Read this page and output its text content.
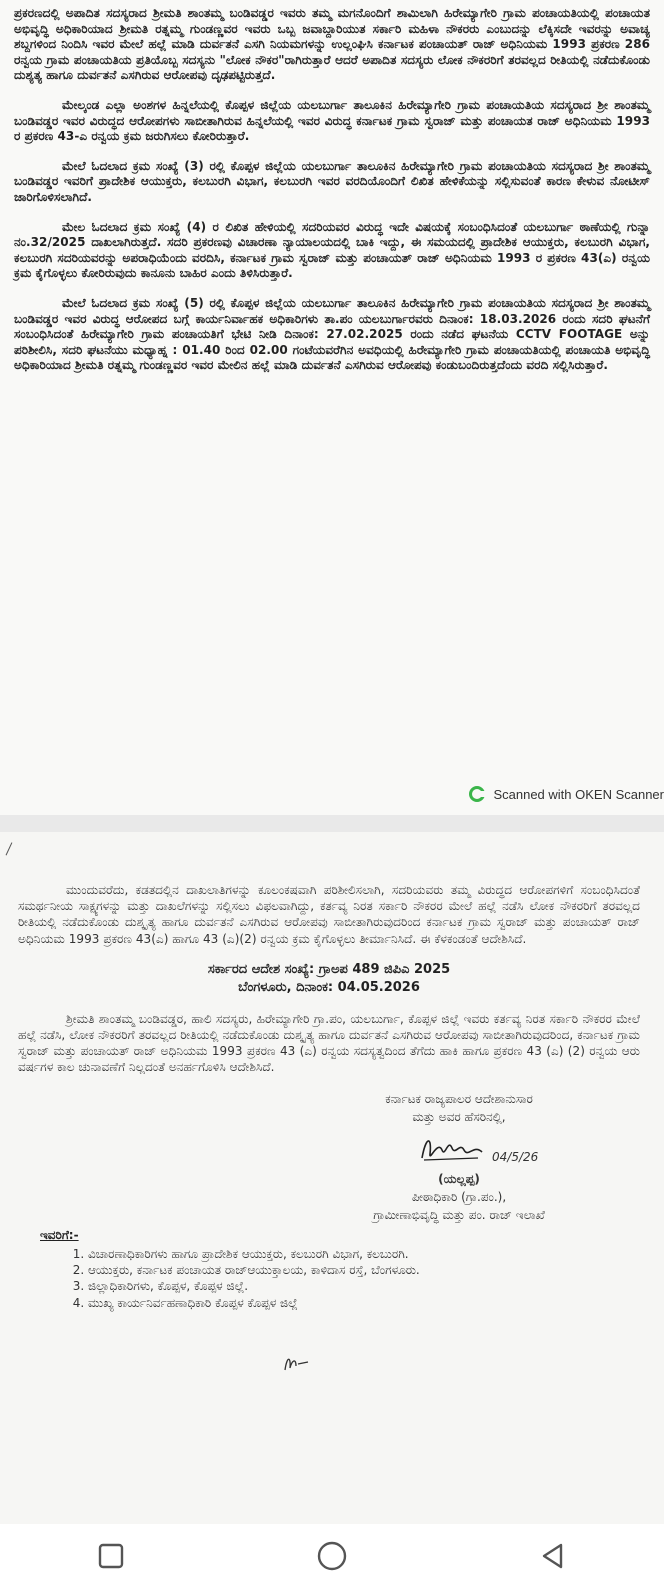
ಪ್ರಕರಣದಲ್ಲಿ ಅಪಾದಿತ ಸದಸ್ಯರಾದ ಶ್ರೀಮತಿ ಶಾಂತಮ್ಮ ಬಂಡಿವಡ್ಡರ ಇವರು ತಮ್ಮ ಮಗನೊಂದಿಗೆ ಶಾಮಿಲಾಗಿ ಹಿರೇಮ್ಯಾಗೇರಿ ಗ್ರಾಮ ಪಂಚಾಯತಿಯಲ್ಲಿ ಪಂಚಾಯತ ಅಭಿವೃದ್ಧಿ ಅಧಿಕಾರಿಯಾದ ಶ್ರೀಮತಿ ರತ್ನಮ್ಮ ಗುಂಡಣ್ಣವರ ಇವರು ಒಬ್ಬ ಜವಾಬ್ದಾರಿಯುತ ಸರ್ಕಾರಿ ಮಹಿಳಾ ನೌಕರರು ಎಂಬುದನ್ನು ಲೆಕ್ಕಿಸದೇ ಇವರನ್ನು ಅವಾಚ್ಯ ಶಬ್ದಗಳಿಂದ ನಿಂದಿಸಿ ಇವರ ಮೇಲೆ ಹಲ್ಲೆ ಮಾಡಿ ದುರ್ವತನೆ ಎಸಗಿ ನಿಯಮಗಳನ್ನು ಉಲ್ಲಂಘಿಸಿ ಕರ್ನಾಟಕ ಪಂಚಾಯತ್ ರಾಜ್ ಅಧಿನಿಯಮ 1993 ಪ್ರಕರಣ 286 ರನ್ವಯ ಗ್ರಾಮ ಪಂಚಾಯತಿಯ ಪ್ರತಿಯೊಬ್ಬ ಸದಸ್ಯನು "ಲೋಕ ನೌಕರ"ರಾಗಿರುತ್ತಾರೆ ಆದರೆ ಅಪಾದಿತ ಸದಸ್ಯರು ಲೋಕ ನೌಕರರಿಗೆ ತರವಲ್ಲದ ರೀತಿಯಲ್ಲಿ ನಡೆದುಕೊಂಡು ದುಶ್ಯತ್ಯ ಹಾಗೂ ದುರ್ವತನೆ ಎಸಗಿರುವ ಆರೋಪವು ದೃಢಪಟ್ಟಿರುತ್ತದೆ.

ಮೇಲ್ಕಂಡ ಎಲ್ಲಾ ಅಂಶಗಳ ಹಿನ್ನಲೆಯಲ್ಲಿ ಕೊಪ್ಪಳ ಜಿಲ್ಲೆಯ ಯಲಬುರ್ಗಾ ತಾಲೂಕಿನ ಹಿರೇಮ್ಯಾಗೇರಿ ಗ್ರಾಮ ಪಂಚಾಯತಿಯ ಸದಸ್ಯರಾದ ಶ್ರೀ ಶಾಂತಮ್ಮ ಬಂಡಿವಡ್ಡರ ಇವರ ವಿರುದ್ಧದ ಆರೋಪಗಳು ಸಾಬೀತಾಗಿರುವ ಹಿನ್ನಲೆಯಲ್ಲಿ ಇವರ ವಿರುದ್ಧ ಕರ್ನಾಟಕ ಗ್ರಾಮ ಸ್ವರಾಜ್ ಮತ್ತು ಪಂಚಾಯತ ರಾಜ್ ಅಧಿನಿಯಮ 1993 ರ ಪ್ರಕರಣ 43-ಎ ರನ್ವಯ ಕ್ರಮ ಜರುಗಿಸಲು ಕೋರಿರುತ್ತಾರೆ.

ಮೇಲೆ ಓದಲಾದ ಕ್ರಮ ಸಂಖ್ಯೆ (3) ರಲ್ಲಿ ಕೊಪ್ಪಳ ಜಿಲ್ಲೆಯ ಯಲಬುರ್ಗಾ ತಾಲೂಕಿನ ಹಿರೇಮ್ಯಾಗೇರಿ ಗ್ರಾಮ ಪಂಚಾಯತಿಯ ಸದಸ್ಯರಾದ ಶ್ರೀ ಶಾಂತಮ್ಮ ಬಂಡಿವಡ್ಡರ ಇವರಿಗೆ ಪ್ರಾದೇಶಿಕ ಆಯುಕ್ತರು, ಕಲಬುರಗಿ ವಿಭಾಗ, ಕಲಬುರಗಿ ಇವರ ವರದಿಯೊಂದಿಗೆ ಲಿಖಿತ ಹೇಳಿಕೆಯನ್ನು ಸಲ್ಲಿಸುವಂತೆ ಕಾರಣ ಕೇಳುವ ನೋಟೀಸ್ ಜಾರಿಗೊಳಿಸಲಾಗಿದೆ.

ಮೇಲ ಓದಲಾದ ಕ್ರಮ ಸಂಖ್ಯೆ (4) ರ ಲಿಖಿತ ಹೇಳಿಯಲ್ಲಿ ಸದರಿಯವರ ವಿರುದ್ಧ ಇದೇ ವಿಷಯಕ್ಕೆ ಸಂಬಂಧಿಸಿದಂತೆ ಯಲಬುರ್ಗಾ ಠಾಣೆಯಲ್ಲಿ ಗುನ್ನಾ ನಂ.32/2025 ದಾಖಲಾಗಿರುತ್ತದೆ. ಸದರಿ ಪ್ರಕರಣವು ವಿಚಾರಣಾ ನ್ಯಾಯಾಲಯದಲ್ಲಿ ಬಾಕಿ ಇದ್ದು, ಈ ಸಮಯದಲ್ಲಿ ಪ್ರಾದೇಶಿಕ ಆಯುಕ್ತರು, ಕಲಬುರಗಿ ವಿಭಾಗ, ಕಲಬುರಗಿ ಸದರಿಯವರನ್ನು ಅಪರಾಧಿಯೆಂದು ವರದಿಸಿ, ಕರ್ನಾಟಕ ಗ್ರಾಮ ಸ್ವರಾಜ್ ಮತ್ತು ಪಂಚಾಯತ್ ರಾಜ್ ಅಧಿನಿಯಮ 1993 ರ ಪ್ರಕರಣ 43(ಎ) ರನ್ವಯ ಕ್ರಮ ಕೈಗೊಳ್ಳಲು ಕೋರಿರುವುದು ಕಾನೂನು ಬಾಹಿರ ಎಂದು ತಿಳಿಸಿರುತ್ತಾರೆ.

ಮೇಲೆ ಓದಲಾದ ಕ್ರಮ ಸಂಖ್ಯೆ (5) ರಲ್ಲಿ ಕೊಪ್ಪಳ ಜಿಲ್ಲೆಯ ಯಲಬುರ್ಗಾ ತಾಲೂಕಿನ ಹಿರೇಮ್ಯಾಗೇರಿ ಗ್ರಾಮ ಪಂಚಾಯತಿಯ ಸದಸ್ಯರಾದ ಶ್ರೀ ಶಾಂತಮ್ಮ ಬಂಡಿವಡ್ಡರ ಇವರ ವಿರುದ್ಧ ಆರೋಪದ ಬಗ್ಗೆ ಕಾರ್ಯನಿರ್ವಾಹಕ ಅಧಿಕಾರಿಗಳು ತಾ.ಪಂ ಯಲಬುರ್ಗಾರವರು ದಿನಾಂಕ: 18.03.2026 ರಂದು ಸದರಿ ಘಟನೆಗೆ ಸಂಬಂಧಿಸಿದಂತೆ ಹಿರೇಮ್ಯಾಗೇರಿ ಗ್ರಾಮ ಪಂಚಾಯತಿಗೆ ಭೇಟಿ ನೀಡಿ ದಿನಾಂಕ: 27.02.2025 ರಂದು ನಡೆದ ಘಟನೆಯ CCTV FOOTAGE ಅನ್ನು ಪರಿಶೀಲಿಸಿ, ಸದರಿ ಘಟನೆಯು ಮಧ್ಯಾಹ್ನ : 01.40 ರಿಂದ 02.00 ಗಂಟೆಯವರೆಗಿನ ಅವಧಿಯಲ್ಲಿ ಹಿರೇಮ್ಯಾಗೇರಿ ಗ್ರಾಮ ಪಂಚಾಯತಿಯಲ್ಲಿ ಪಂಚಾಯತಿ ಅಭಿವೃದ್ಧಿ ಅಧಿಕಾರಿಯಾದ ಶ್ರೀಮತಿ ರತ್ನಮ್ಮ ಗುಂಡಣ್ಣವರ ಇವರ ಮೇಲಿನ ಹಲ್ಲೆ ಮಾಡಿ ದುರ್ವತನೆ ಎಸಗಿರುವ ಆರೋಪವು ಕಂಡುಬಂದಿರುತ್ತದೆಂದು ವರದಿ ಸಲ್ಲಿಸಿರುತ್ತಾರೆ.

Scanned with OKEN Scanner

ಮುಂದುವರೆದು, ಕಡತದಲ್ಲಿನ ದಾಖಲಾತಿಗಳನ್ನು ಕೂಲಂಕಷವಾಗಿ ಪರಿಶೀಲಿಸಲಾಗಿ, ಸದರಿಯವರು ತಮ್ಮ ವಿರುದ್ಧದ ಆರೋಪಗಳಿಗೆ ಸಂಬಂಧಿಸಿದಂತೆ ಸಮರ್ಥನೀಯ ಸಾಕ್ಷ್ಯಗಳನ್ನು ಮತ್ತು ದಾಖಲೆಗಳನ್ನು ಸಲ್ಲಿಸಲು ವಿಫಲವಾಗಿದ್ದು, ಕರ್ತವ್ಯ ನಿರತ ಸರ್ಕಾರಿ ನೌಕರರ ಮೇಲೆ ಹಲ್ಲೆ ನಡೆಸಿ ಲೋಕ ನೌಕರರಿಗೆ ತರವಲ್ಲದ ರೀತಿಯಲ್ಲಿ ನಡೆದುಕೊಂಡು ದುಶ್ಕೃತ್ಯ ಹಾಗೂ ದುರ್ವತನೆ ಎಸಗಿರುವ ಆರೋಪವು ಸಾಬೀತಾಗಿರುವುದರಿಂದ ಕರ್ನಾಟಕ ಗ್ರಾಮ ಸ್ವರಾಜ್ ಮತ್ತು ಪಂಚಾಯತ್ ರಾಜ್ ಅಧಿನಿಯಮ 1993 ಪ್ರಕರಣ 43(ಎ) ಹಾಗೂ 43 (ಎ)(2) ರನ್ವಯ ಕ್ರಮ ಕೈಗೊಳ್ಳಲು ತೀರ್ಮಾನಿಸಿದೆ. ಈ ಕೆಳಕಂಡಂತೆ ಆದೇಶಿಸಿದೆ.

ಸರ್ಕಾರದ ಆದೇಶ ಸಂಖ್ಯೆ: ಗ್ರಾಅಪ 489 ಜಿಪಿಎ 2025
ಬೆಂಗಳೂರು, ದಿನಾಂಕ: 04.05.2026

ಶ್ರೀಮತಿ ಶಾಂತಮ್ಮ ಬಂಡಿವಡ್ಡರ, ಹಾಲಿ ಸದಸ್ಯರು, ಹಿರೇಮ್ಯಾಗೇರಿ ಗ್ರಾ.ಪಂ, ಯಲಬುರ್ಗಾ, ಕೊಪ್ಪಳ ಜಿಲ್ಲೆ ಇವರು ಕರ್ತವ್ಯ ನಿರತ ಸರ್ಕಾರಿ ನೌಕರರ ಮೇಲೆ ಹಲ್ಲೆ ನಡೆಸಿ, ಲೋಕ ನೌಕರರಿಗೆ ತರವಲ್ಲದ ರೀತಿಯಲ್ಲಿ ನಡೆದುಕೊಂಡು ದುಶ್ಕೃತ್ಯ ಹಾಗೂ ದುರ್ವತನೆ ಎಸಗಿರುವ ಆರೋಪವು ಸಾಬೀತಾಗಿರುವುದರಿಂದ, ಕರ್ನಾಟಕ ಗ್ರಾಮ ಸ್ವರಾಜ್ ಮತ್ತು ಪಂಚಾಯತ್ ರಾಜ್ ಅಧಿನಿಯಮ 1993 ಪ್ರಕರಣ 43 (ಎ) ರನ್ವಯ ಸದಸ್ಯತ್ವದಿಂದ ತೆಗೆದು ಹಾಕಿ ಹಾಗೂ ಪ್ರಕರಣ 43 (ಎ) (2) ರನ್ವಯ ಆರು ವರ್ಷಗಳ ಕಾಲ ಚುನಾವಣೆಗೆ ನಿಲ್ಲದಂತೆ ಅನರ್ಹಗೊಳಿಸಿ ಆದೇಶಿಸಿದೆ.

ಕರ್ನಾಟಕ ರಾಜ್ಯಪಾಲರ ಆದೇಶಾನುಸಾರ
ಮತ್ತು ಅವರ ಹೆಸರಿನಲ್ಲಿ,
04/5/26
(ಯಲ್ಲಪ್ಪ)
ಪೀಠಾಧಿಕಾರಿ (ಗ್ರಾ.ಪಂ.),
ಗ್ರಾಮೀಣಾಭಿವೃದ್ಧಿ ಮತ್ತು ಪಂ. ರಾಜ್ ಇಲಾಖೆ
ಇವರಿಗೆ:-
1. ವಿಚಾರಣಾಧಿಕಾರಿಗಳು ಹಾಗೂ ಪ್ರಾದೇಶಿಕ ಆಯುಕ್ತರು, ಕಲಬುರಗಿ ವಿಭಾಗ, ಕಲಬುರಗಿ.
2. ಆಯುಕ್ತರು, ಕರ್ನಾಟಕ ಪಂಚಾಯತ ರಾಜ್‌ಆಯುಕ್ತಾಲಯ, ಕಾಳಿದಾಸ ರಸ್ತೆ, ಬೆಂಗಳೂರು.
3. ಜಿಲ್ಲಾಧಿಕಾರಿಗಳು, ಕೊಪ್ಪಳ, ಕೊಪ್ಪಳ ಜಿಲ್ಲೆ.
4. ಮುಖ್ಯ ಕಾರ್ಯನಿರ್ವಹಣಾಧಿಕಾರಿ ಕೊಪ್ಪಳ ಕೊಪ್ಪಳ ಜಿಲ್ಲೆ
